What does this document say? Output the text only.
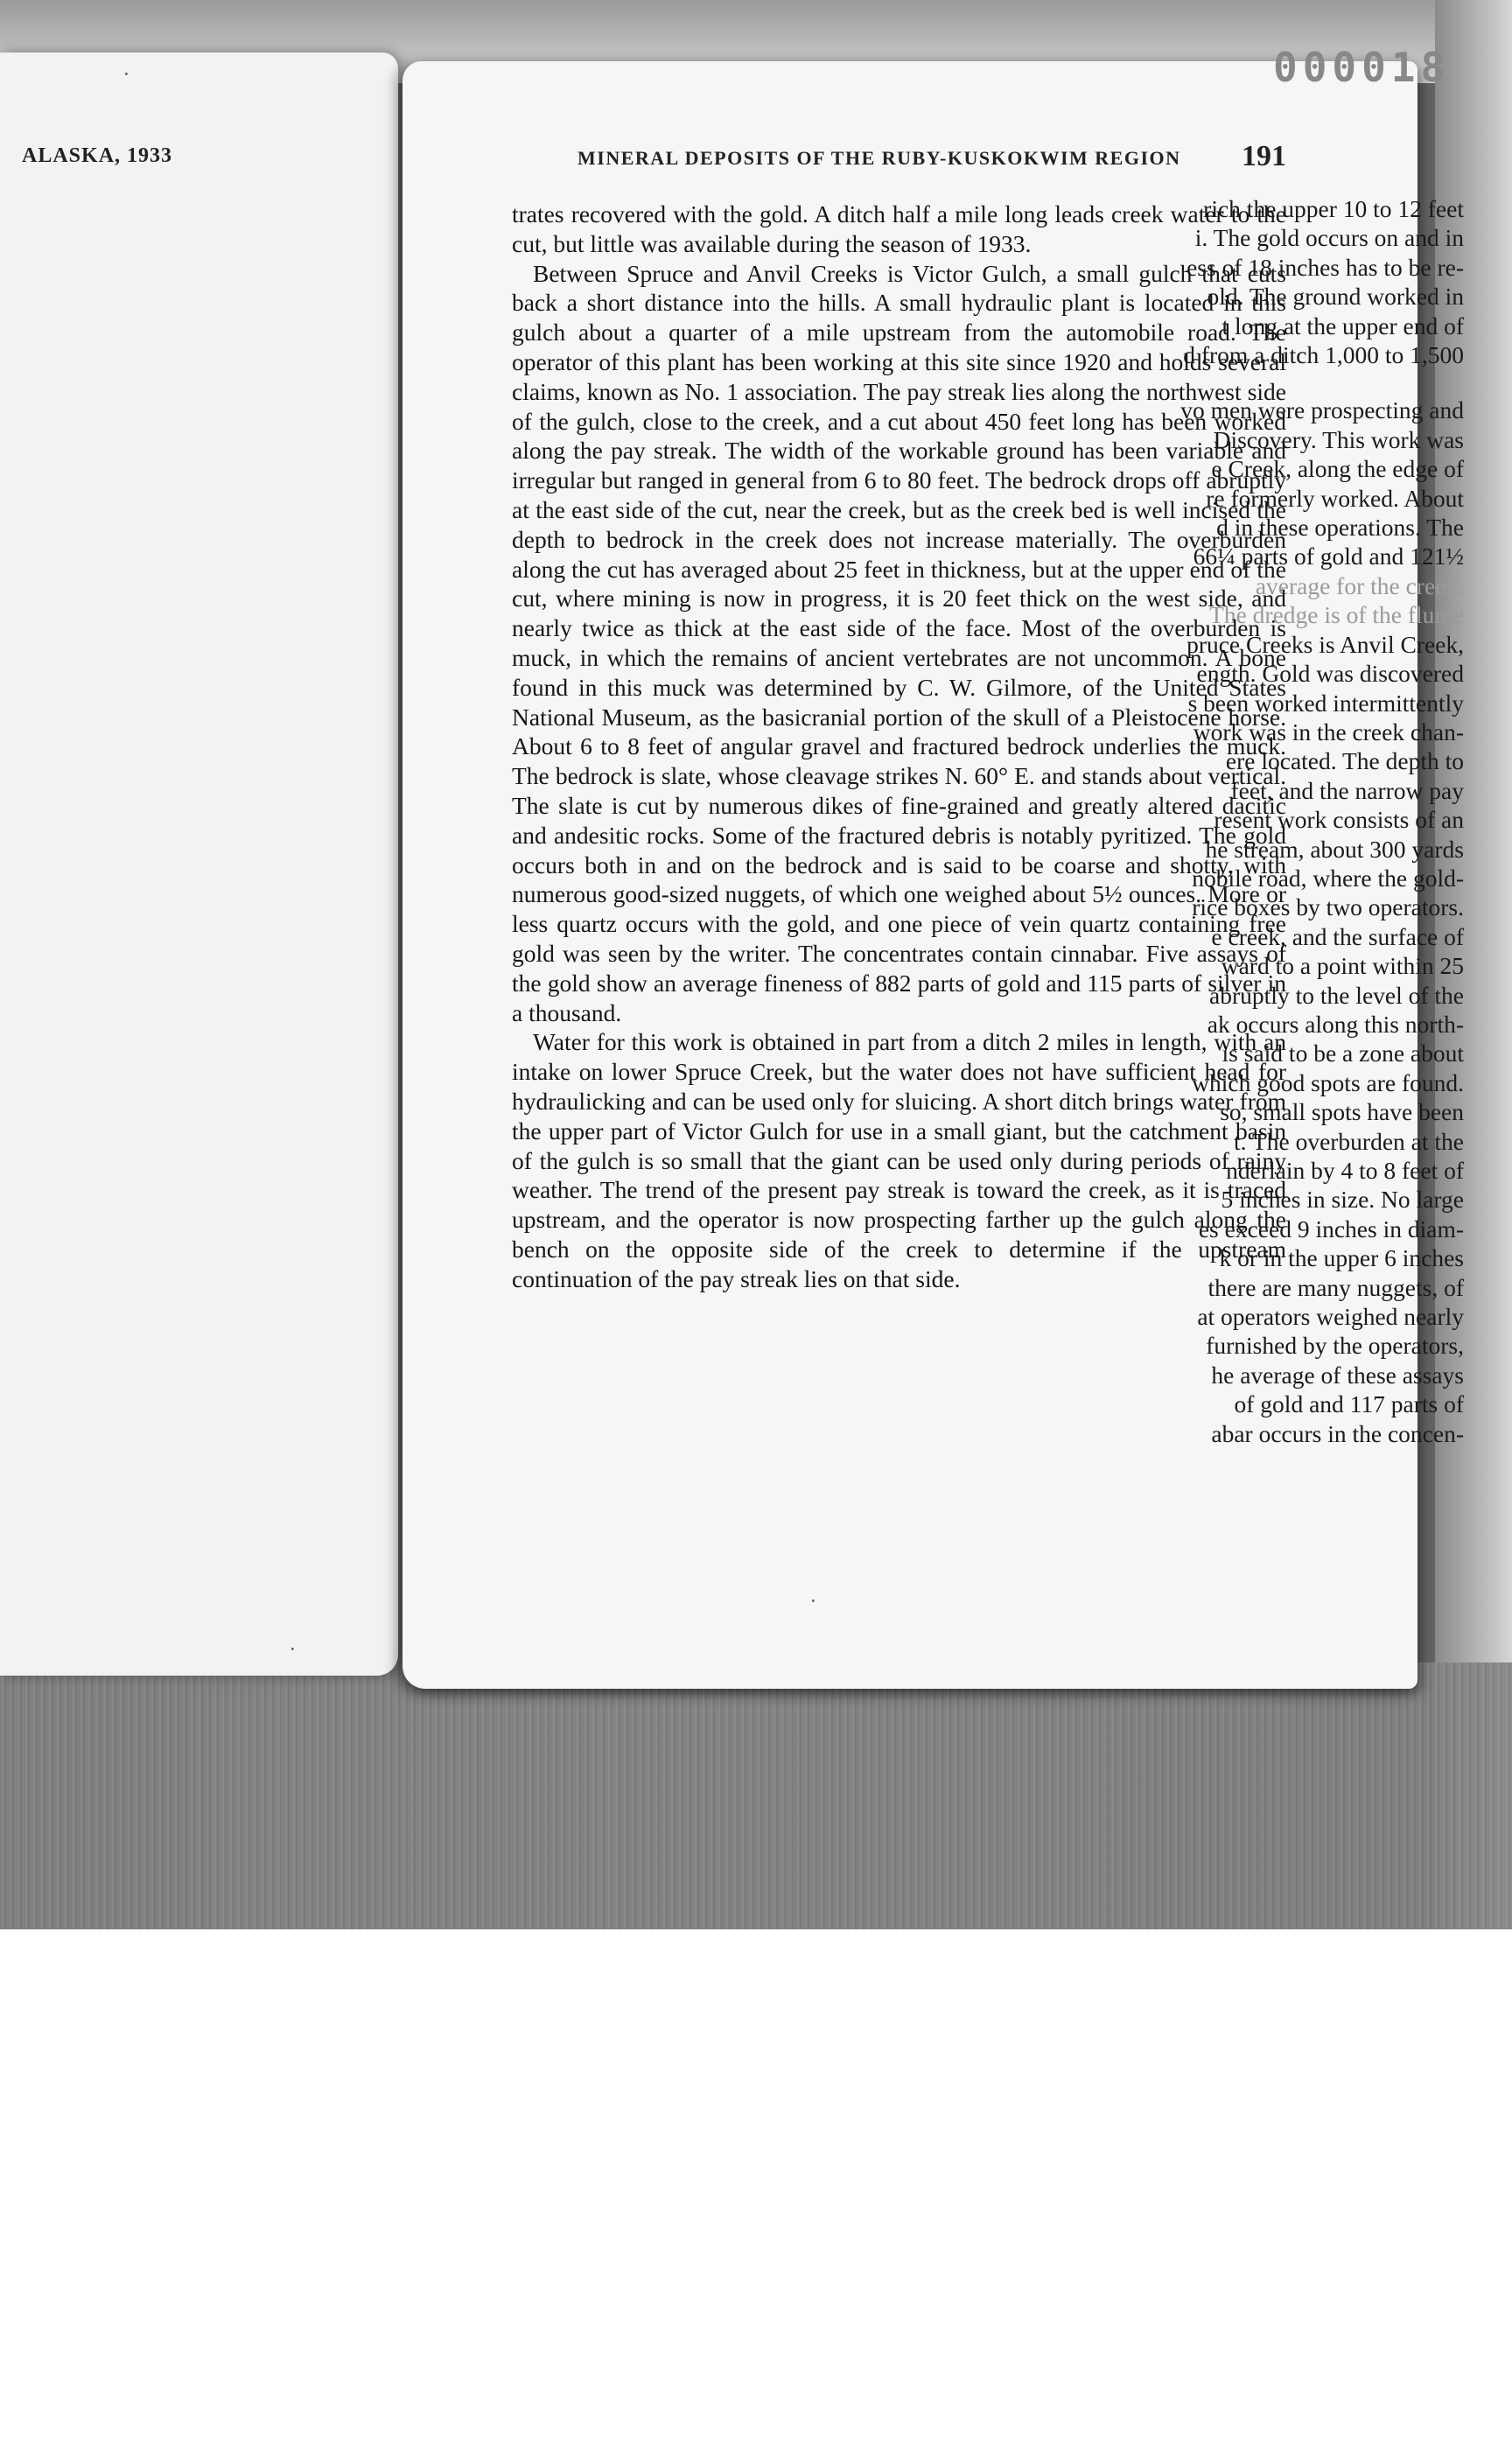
000018
ALASKA, 1933

rich the upper 10 to 12 feet

i. The gold occurs on and in

ess of 18 inches has to be re-

old. The ground worked in

t long at the upper end of

d from a ditch 1,000 to 1,500

vo men were prospecting and

Discovery. This work was

e Creek, along the edge of

re formerly worked. About

d in these operations. The

66¼ parts of gold and 121½

average for the creek.

The dredge is of the flume

pruce Creeks is Anvil Creek,

ength. Gold was discovered

s been worked intermittently

work was in the creek chan-

ere located. The depth to

feet, and the narrow pay

resent work consists of an

he stream, about 300 yards

nobile road, where the gold-

rice boxes by two operators.

e creek, and the surface of

ward to a point within 25

abruptly to the level of the

ak occurs along this north-

is said to be a zone about

which good spots are found.

so, small spots have been

t. The overburden at the

nderlain by 4 to 8 feet of

5 inches in size. No large

es exceed 9 inches in diam-

k or in the upper 6 inches

there are many nuggets, of

at operators weighed nearly

furnished by the operators,

he average of these assays

of gold and 117 parts of

abar occurs in the concen-

MINERAL DEPOSITS OF THE RUBY-KUSKOKWIM REGION 191

trates recovered with the gold. A ditch half a mile long leads creek water to the cut, but little was available during the season of 1933.

Between Spruce and Anvil Creeks is Victor Gulch, a small gulch that cuts back a short distance into the hills. A small hydraulic plant is located in this gulch about a quarter of a mile upstream from the automobile road. The operator of this plant has been working at this site since 1920 and holds several claims, known as No. 1 association. The pay streak lies along the northwest side of the gulch, close to the creek, and a cut about 450 feet long has been worked along the pay streak. The width of the workable ground has been variable and irregular but ranged in general from 6 to 80 feet. The bedrock drops off abruptly at the east side of the cut, near the creek, but as the creek bed is well incised the depth to bedrock in the creek does not increase materially. The overburden along the cut has averaged about 25 feet in thickness, but at the upper end of the cut, where mining is now in progress, it is 20 feet thick on the west side, and nearly twice as thick at the east side of the face. Most of the overburden is muck, in which the remains of ancient vertebrates are not uncommon. A bone found in this muck was determined by C. W. Gilmore, of the United States National Museum, as the basicranial portion of the skull of a Pleistocene horse. About 6 to 8 feet of angular gravel and fractured bedrock underlies the muck. The bedrock is slate, whose cleavage strikes N. 60° E. and stands about vertical. The slate is cut by numerous dikes of fine-grained and greatly altered dacitic and andesitic rocks. Some of the fractured debris is notably pyritized. The gold occurs both in and on the bedrock and is said to be coarse and shotty, with numerous good-sized nuggets, of which one weighed about 5½ ounces. More or less quartz occurs with the gold, and one piece of vein quartz containing free gold was seen by the writer. The concentrates contain cinnabar. Five assays of the gold show an average fineness of 882 parts of gold and 115 parts of silver in a thousand.

Water for this work is obtained in part from a ditch 2 miles in length, with an intake on lower Spruce Creek, but the water does not have sufficient head for hydraulicking and can be used only for sluicing. A short ditch brings water from the upper part of Victor Gulch for use in a small giant, but the catchment basin of the gulch is so small that the giant can be used only during periods of rainy weather. The trend of the present pay streak is toward the creek, as it is traced upstream, and the operator is now prospecting farther up the gulch along the bench on the opposite side of the creek to determine if the upstream continuation of the pay streak lies on that side.

·
·
·
